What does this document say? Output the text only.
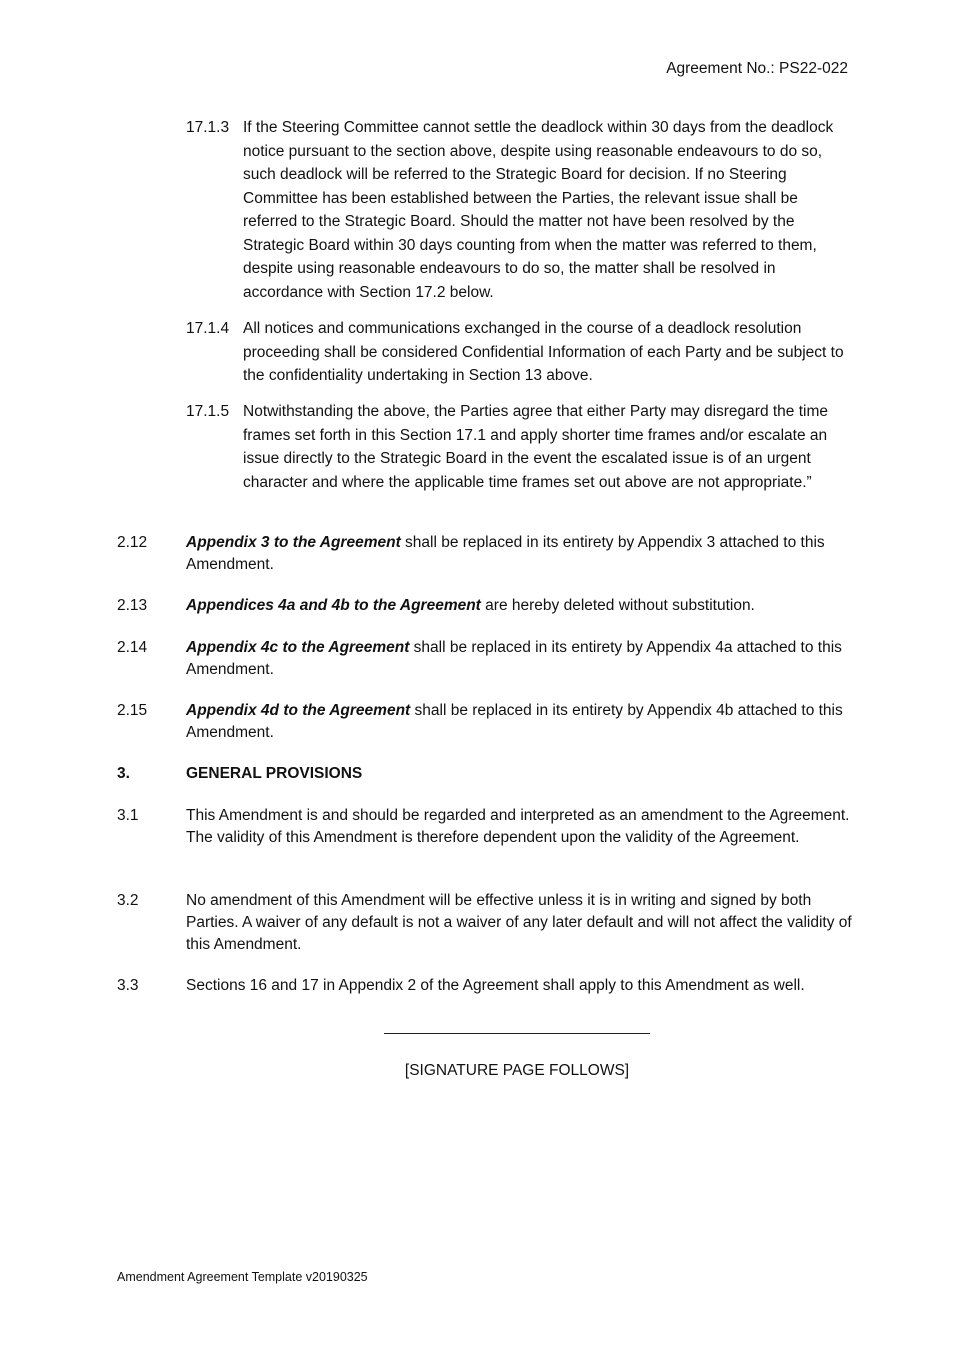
Agreement No.: PS22-022
17.1.3 If the Steering Committee cannot settle the deadlock within 30 days from the deadlock notice pursuant to the section above, despite using reasonable endeavours to do so, such deadlock will be referred to the Strategic Board for decision. If no Steering Committee has been established between the Parties, the relevant issue shall be referred to the Strategic Board. Should the matter not have been resolved by the Strategic Board within 30 days counting from when the matter was referred to them, despite using reasonable endeavours to do so, the matter shall be resolved in accordance with Section 17.2 below.
17.1.4 All notices and communications exchanged in the course of a deadlock resolution proceeding shall be considered Confidential Information of each Party and be subject to the confidentiality undertaking in Section 13 above.
17.1.5 Notwithstanding the above, the Parties agree that either Party may disregard the time frames set forth in this Section 17.1 and apply shorter time frames and/or escalate an issue directly to the Strategic Board in the event the escalated issue is of an urgent character and where the applicable time frames set out above are not appropriate.”
2.12	Appendix 3 to the Agreement shall be replaced in its entirety by Appendix 3 attached to this Amendment.
2.13	Appendices 4a and 4b to the Agreement are hereby deleted without substitution.
2.14	Appendix 4c to the Agreement shall be replaced in its entirety by Appendix 4a attached to this Amendment.
2.15	Appendix 4d to the Agreement shall be replaced in its entirety by Appendix 4b attached to this Amendment.
3.	GENERAL PROVISIONS
3.1	This Amendment is and should be regarded and interpreted as an amendment to the Agreement. The validity of this Amendment is therefore dependent upon the validity of the Agreement.
3.2	No amendment of this Amendment will be effective unless it is in writing and signed by both Parties. A waiver of any default is not a waiver of any later default and will not affect the validity of this Amendment.
3.3	Sections 16 and 17 in Appendix 2 of the Agreement shall apply to this Amendment as well.
[SIGNATURE PAGE FOLLOWS]
Amendment Agreement Template v20190325
